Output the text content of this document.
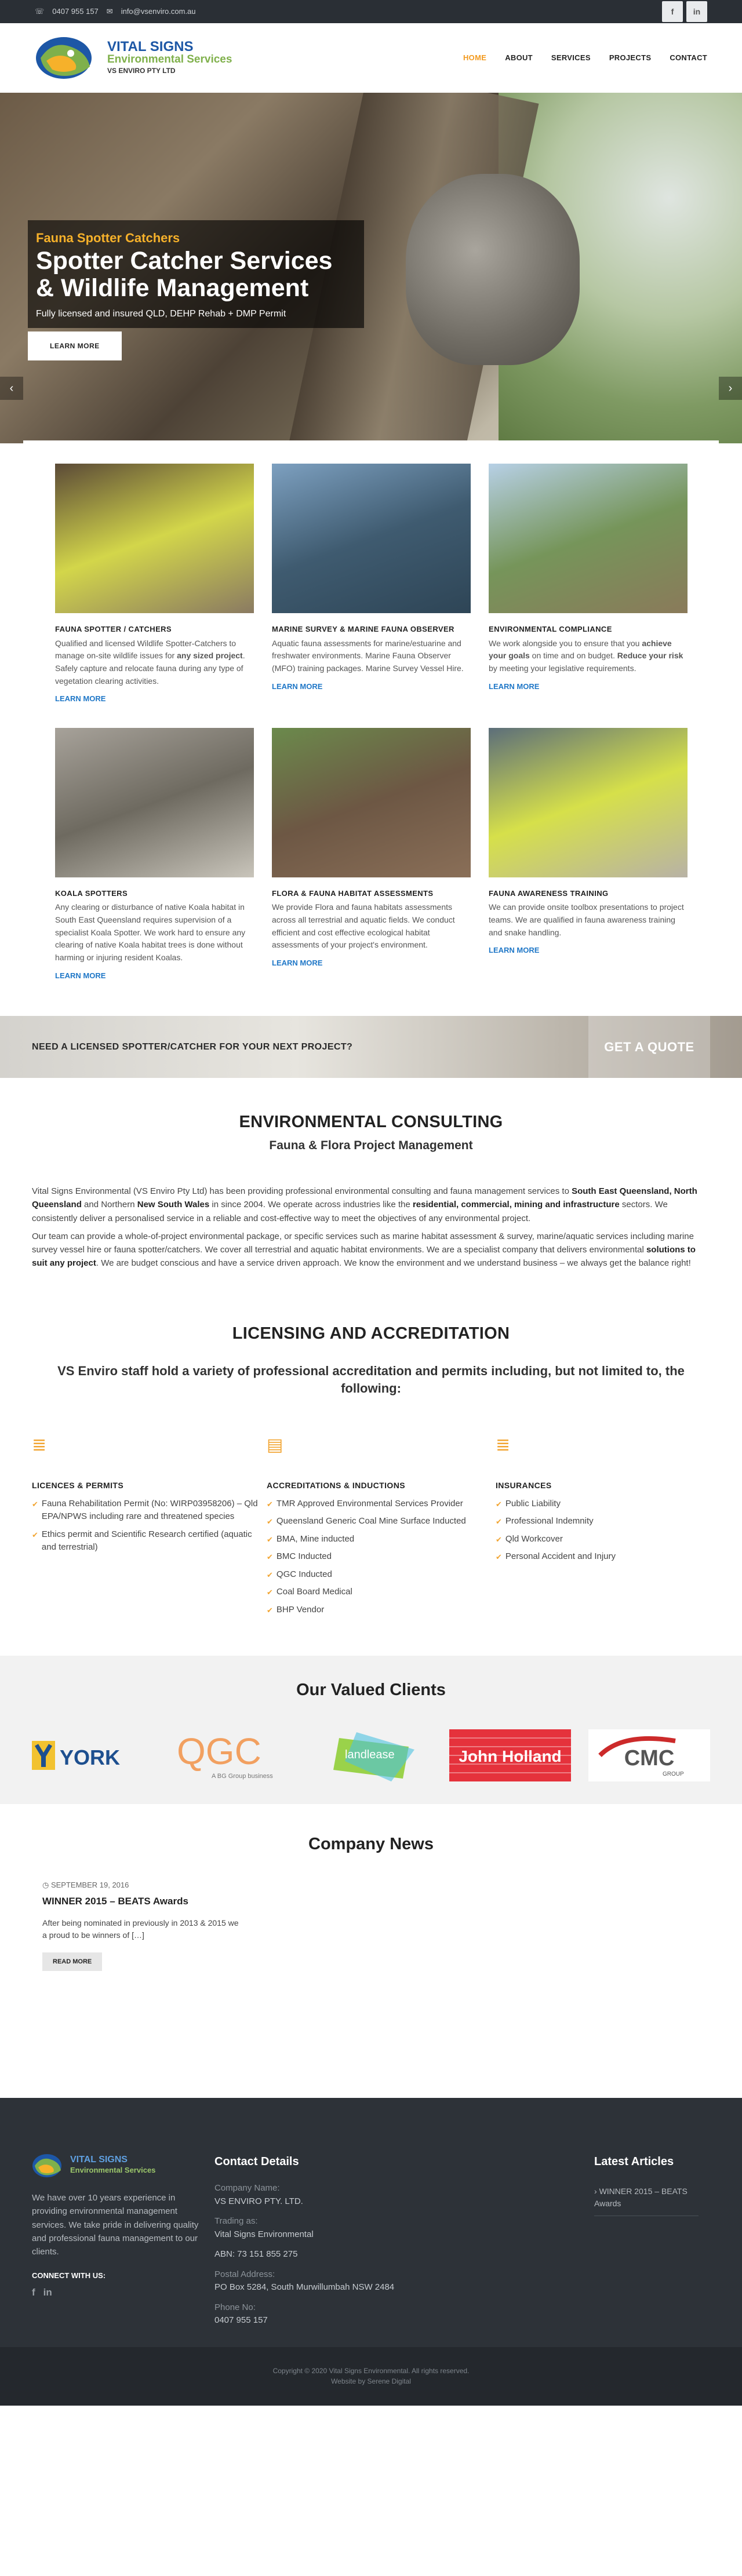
☏ 0407 955 157 ✉ info@vsenviro.com.au	f	in
VITAL SIGNS
Environmental Services
VS ENVIRO PTY LTD
HOME ABOUT SERVICES PROJECTS CONTACT
‹	›
Fauna Spotter Catchers
Spotter Catcher Services
& Wildlife Management
Fully licensed and insured QLD, DEHP Rehab + DMP Permit
LEARN MORE
FAUNA SPOTTER / CATCHERS

Qualified and licensed Wildlife Spotter-Catchers to manage on-site wildlife issues for any sized project. Safely capture and relocate fauna during any type of vegetation clearing activities.

LEARN MORE
MARINE SURVEY & MARINE FAUNA OBSERVER

Aquatic fauna assessments for marine/estuarine and freshwater environments. Marine Fauna Observer (MFO) training packages. Marine Survey Vessel Hire.

LEARN MORE
ENVIRONMENTAL COMPLIANCE

We work alongside you to ensure that you achieve your goals on time and on budget. Reduce your risk by meeting your legislative requirements.

LEARN MORE
KOALA SPOTTERS

Any clearing or disturbance of native Koala habitat in South East Queensland requires supervision of a specialist Koala Spotter. We work hard to ensure any clearing of native Koala habitat trees is done without harming or injuring resident Koalas.

LEARN MORE
FLORA & FAUNA HABITAT ASSESSMENTS

We provide Flora and fauna habitats assessments across all terrestrial and aquatic fields. We conduct efficient and cost effective ecological habitat assessments of your project's environment.

LEARN MORE
FAUNA AWARENESS TRAINING

We can provide onsite toolbox presentations to project teams. We are qualified in fauna awareness training and snake handling.

LEARN MORE
NEED A LICENSED SPOTTER/CATCHER FOR YOUR NEXT PROJECT?	GET A QUOTE
ENVIRONMENTAL CONSULTING
Fauna & Flora Project Management

Vital Signs Environmental (VS Enviro Pty Ltd) has been providing professional environmental consulting and fauna management services to South East Queensland, North Queensland and Northern New South Wales in since 2004. We operate across industries like the residential, commercial, mining and infrastructure sectors. We consistently deliver a personalised service in a reliable and cost-effective way to meet the objectives of any environmental project.

Our team can provide a whole-of-project environmental package, or specific services such as marine habitat assessment & survey, marine/aquatic services including marine survey vessel hire or fauna spotter/catchers. We cover all terrestrial and aquatic habitat environments. We are a specialist company that delivers environmental solutions to suit any project. We are budget conscious and have a service driven approach. We know the environment and we understand business – we always get the balance right!

LICENSING AND ACCREDITATION
VS Enviro staff hold a variety of professional accreditation and permits including, but not limited to, the following:
≣
LICENCES & PERMITS
✔ Fauna Rehabilitation Permit (No: WIRP03958206) – Qld EPA/NPWS including rare and threatened species
✔ Ethics permit and Scientific Research certified (aquatic and terrestrial)
▤
ACCREDITATIONS & INDUCTIONS
✔ TMR Approved Environmental Services Provider
✔ Queensland Generic Coal Mine Surface Inducted
✔ BMA, Mine inducted
✔ BMC Inducted
✔ QGC Inducted
✔ Coal Board Medical
✔ BHP Vendor
≣
INSURANCES
✔ Public Liability
✔ Professional Indemnity
✔ Qld Workcover
✔ Personal Accident and Injury
Our Valued Clients
YORK QGC
A BG Group business
landlease	John Holland	CMC
GROUP
Company News
◷ SEPTEMBER 19, 2016
WINNER 2015 – BEATS Awards

After being nominated in previously in 2013 & 2015 we a proud to be winners of […]

READ MORE
VITAL SIGNS
Environmental Services

We have over 10 years experience in providing environmental management services. We take pride in delivering quality and professional fauna management to our clients.

CONNECT WITH US:
f in
Contact Details
Company Name:
VS ENVIRO PTY. LTD.
Trading as:
Vital Signs Environmental
ABN: 73 151 855 275
Postal Address:
PO Box 5284, South Murwillumbah NSW 2484
Phone No:
0407 955 157
Latest Articles
› WINNER 2015 – BEATS Awards
Copyright © 2020 Vital Signs Environmental. All rights reserved.
Website by Serene Digital
